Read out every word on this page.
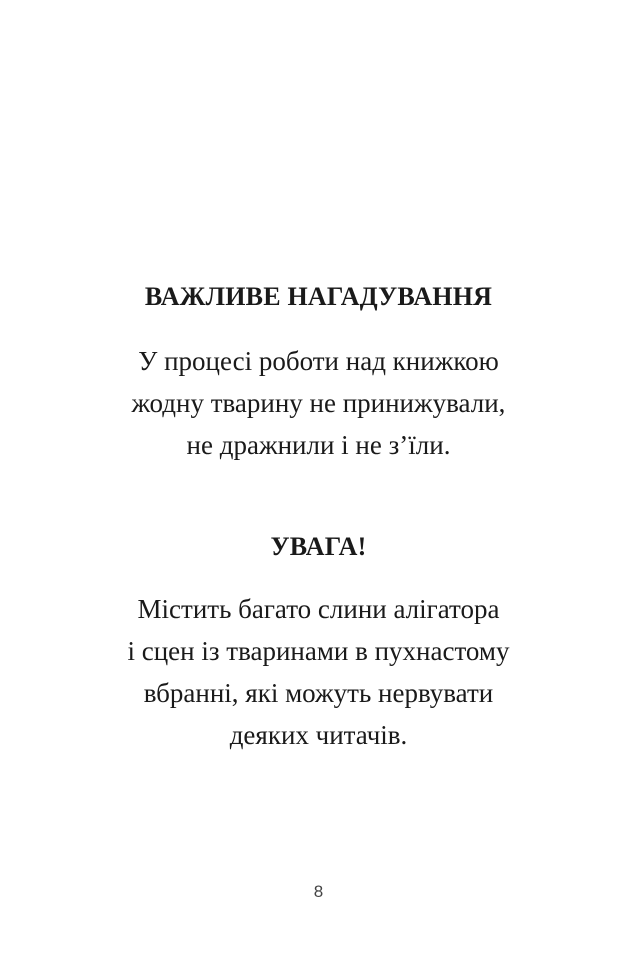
ВАЖЛИВЕ НАГАДУВАННЯ

У процесі роботи над книжкою
жодну тварину не принижували,
не дражнили і не з’їли.

УВАГА!

Містить багато слини алігатора
і сцен із тваринами в пухнастому
вбранні, які можуть нервувати
деяких читачів.

8
